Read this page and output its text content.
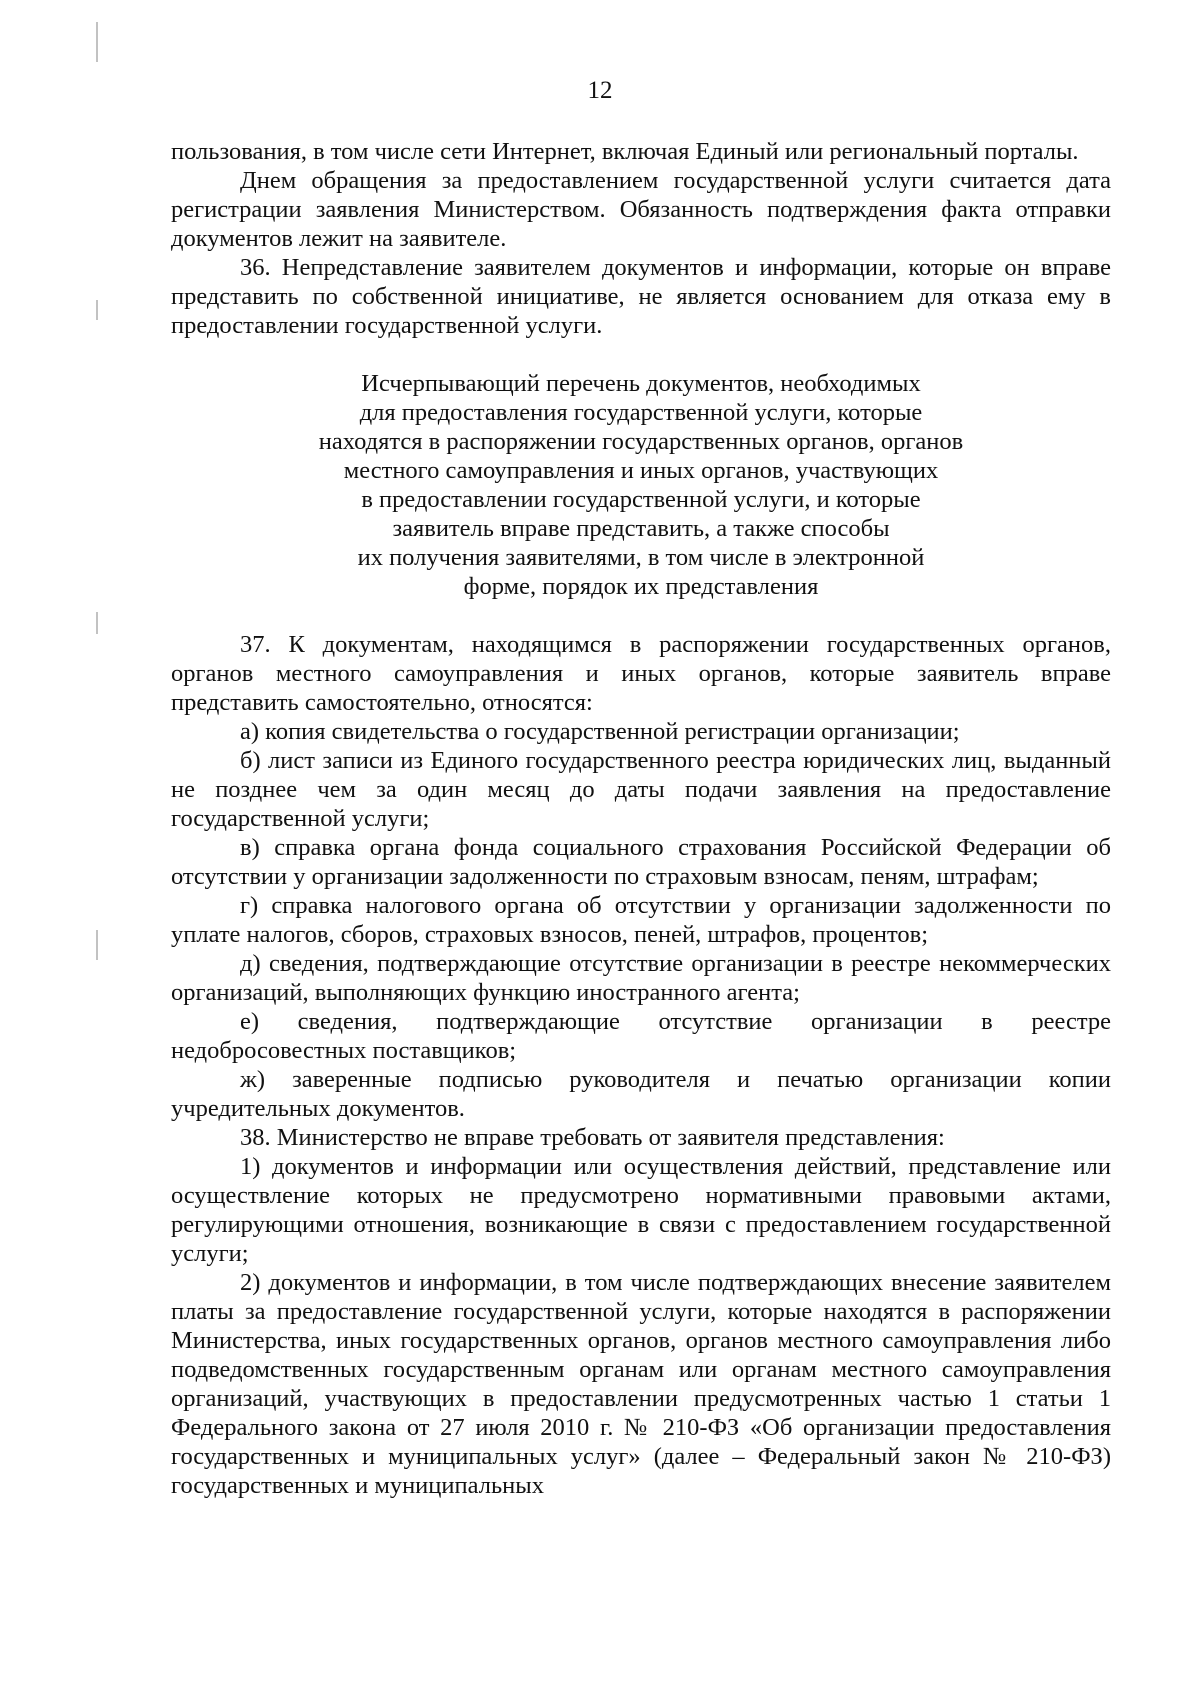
12

пользования, в том числе сети Интернет, включая Единый или региональный порталы.

Днем обращения за предоставлением государственной услуги считается дата регистрации заявления Министерством. Обязанность подтверждения факта отправки документов лежит на заявителе.

36. Непредставление заявителем документов и информации, которые он вправе представить по собственной инициативе, не является основанием для отказа ему в предоставлении государственной услуги.

Исчерпывающий перечень документов, необходимых
для предоставления государственной услуги, которые
находятся в распоряжении государственных органов, органов
местного самоуправления и иных органов, участвующих
в предоставлении государственной услуги, и которые
заявитель вправе представить, а также способы
их получения заявителями, в том числе в электронной
форме, порядок их представления

37. К документам, находящимся в распоряжении государственных органов, органов местного самоуправления и иных органов, которые заявитель вправе представить самостоятельно, относятся:

а) копия свидетельства о государственной регистрации организации;

б) лист записи из Единого государственного реестра юридических лиц, выданный не позднее чем за один месяц до даты подачи заявления на предоставление государственной услуги;

в) справка органа фонда социального страхования Российской Федерации об отсутствии у организации задолженности по страховым взносам, пеням, штрафам;

г) справка налогового органа об отсутствии у организации задолженности по уплате налогов, сборов, страховых взносов, пеней, штрафов, процентов;

д) сведения, подтверждающие отсутствие организации в реестре некоммерческих организаций, выполняющих функцию иностранного агента;

е) сведения, подтверждающие отсутствие организации в реестре недобросовестных поставщиков;

ж) заверенные подписью руководителя и печатью организации копии учредительных документов.

38. Министерство не вправе требовать от заявителя представления:

1) документов и информации или осуществления действий, представление или осуществление которых не предусмотрено нормативными правовыми актами, регулирующими отношения, возникающие в связи с предоставлением государственной услуги;

2) документов и информации, в том числе подтверждающих внесение заявителем платы за предоставление государственной услуги, которые находятся в распоряжении Министерства, иных государственных органов, органов местного самоуправления либо подведомственных государственным органам или органам местного самоуправления организаций, участвующих в предоставлении предусмотренных частью 1 статьи 1 Федерального закона от 27 июля 2010 г. № 210-ФЗ «Об организации предоставления государственных и муниципальных услуг» (далее – Федеральный закон № 210-ФЗ) государственных и муниципальных
